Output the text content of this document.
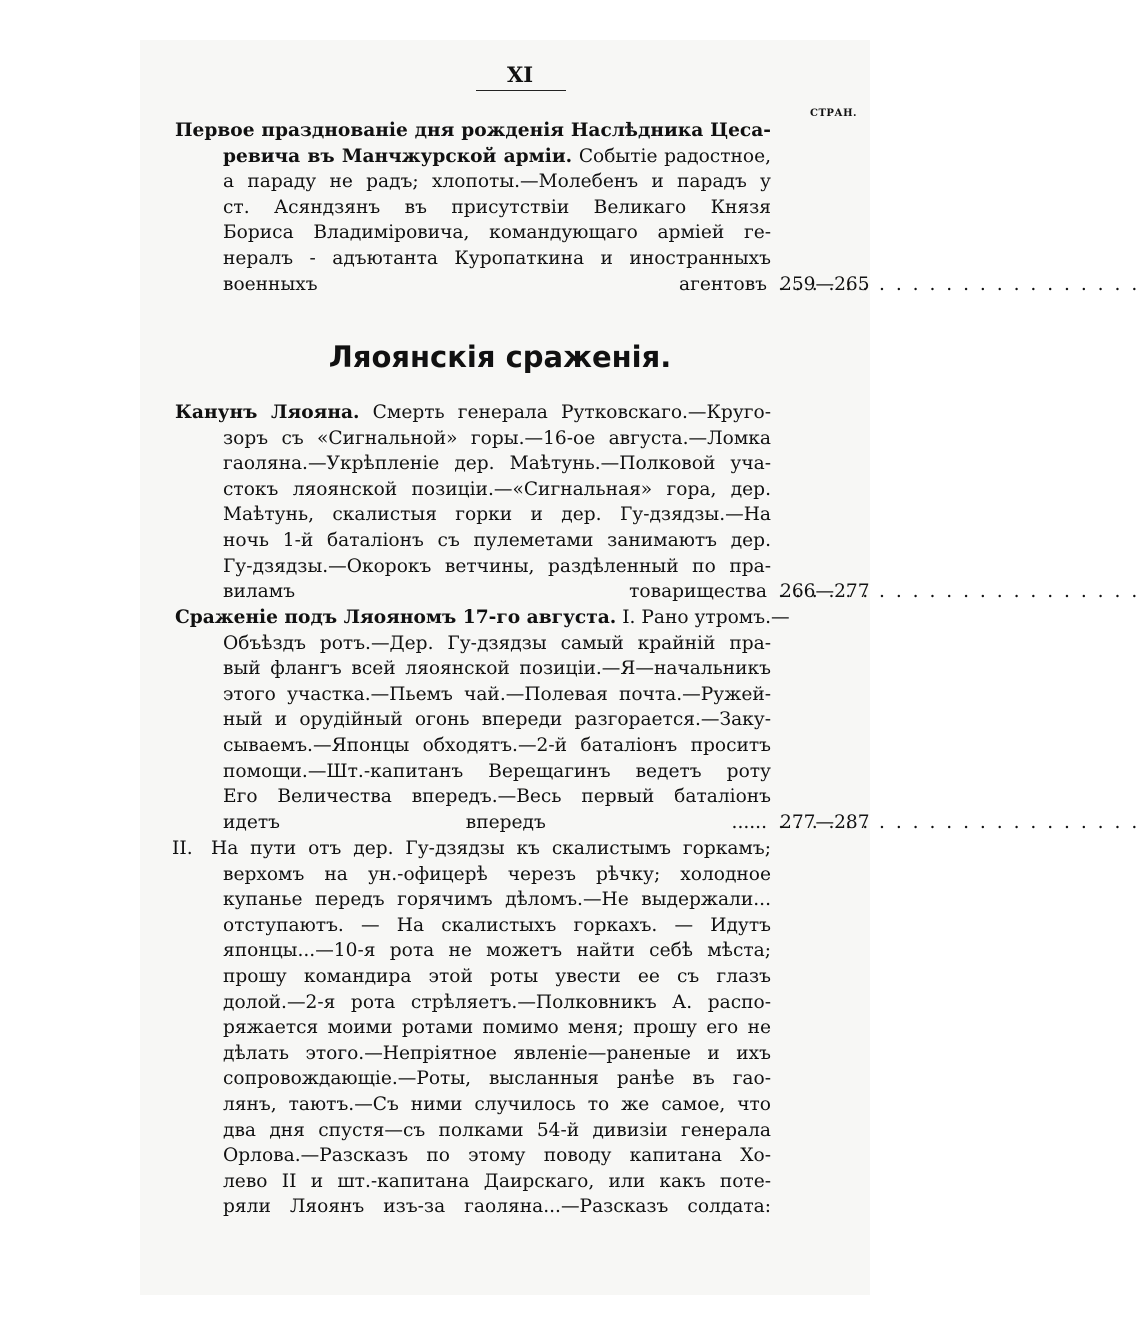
XI
СТРАН.
Первое празднованіе дня рожденія Наслѣдника Цеса-
ревича въ Манчжурской арміи. Событіе радостное,
а параду не радъ; хлопоты.—Молебенъ и парадъ у
ст. Асяндзянъ въ присутствіи Великаго Князя
Бориса Владиміровича, командующаго арміей ге-
нералъ - адъютанта Куропаткина и иностранныхъ
военныхъ агентовъ . . . 259—265
Ляоянскія сраженія.
Канунъ Ляояна. Смерть генерала Рутковскаго.—Круго-
зоръ съ «Сигнальной» горы.—16-ое августа.—Ломка
гаоляна.—Укрѣпленіе дер. Маѣтунь.—Полковой уча-
стокъ ляоянской позиціи.—«Сигнальная» гора, дер.
Маѣтунь, скалистыя горки и дер. Гу-дзядзы.—На
ночь 1-й баталіонъ съ пулеметами занимаютъ дер.
Гу-дзядзы.—Окорокъ ветчины, раздѣленный по пра-
виламъ товарищества . . . 266—277
Сраженіе подъ Ляояномъ 17-го августа. I. Рано утромъ.—
Объѣздъ ротъ.—Дер. Гу-дзядзы самый крайній пра-
вый флангъ всей ляоянской позиціи.—Я—начальникъ
этого участка.—Пьемъ чай.—Полевая почта.—Ружей-
ный и орудійный огонь впереди разгорается.—Заку-
сываемъ.—Японцы обходятъ.—2-й баталіонъ проситъ
помощи.—Шт.-капитанъ Верещагинъ ведетъ роту
Его Величества впередъ.—Весь первый баталіонъ
идетъ впередъ ...... . . . 277—287
II. На пути отъ дер. Гу-дзядзы къ скалистымъ горкамъ;
верхомъ на ун.-офицерѣ черезъ рѣчку; холодное
купанье передъ горячимъ дѣломъ.—Не выдержали...
отступаютъ. — На скалистыхъ горкахъ. — Идутъ
японцы...—10-я рота не можетъ найти себѣ мѣста;
прошу командира этой роты увести ее съ глазъ
долой.—2-я рота стрѣляетъ.—Полковникъ А. распо-
ряжается моими ротами помимо меня; прошу его не
дѣлать этого.—Непріятное явленіе—раненые и ихъ
сопровождающіе.—Роты, высланныя ранѣе въ гао-
лянъ, таютъ.—Съ ними случилось то же самое, что
два дня спустя—съ полками 54-й дивизіи генерала
Орлова.—Разсказъ по этому поводу капитана Хо-
лево II и шт.-капитана Даирскаго, или какъ поте-
ряли Ляоянъ изъ-за гаоляна...—Разсказъ солдата:
